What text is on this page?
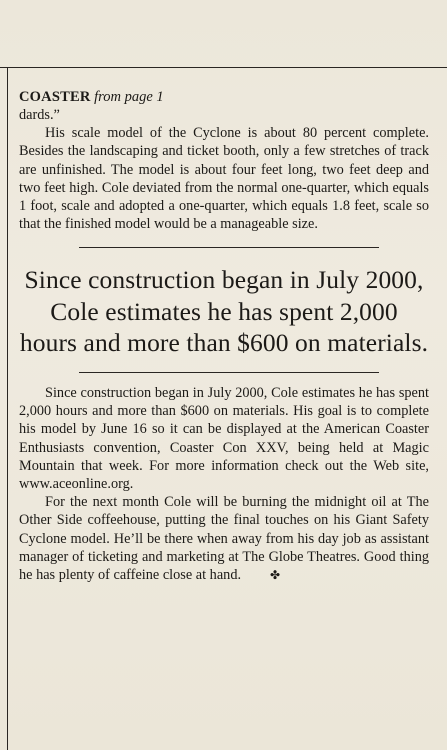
COASTER from page 1

dards.”

His scale model of the Cyclone is about 80 percent complete. Besides the landscaping and ticket booth, only a few stretches of track are unfinished. The model is about four feet long, two feet deep and two feet high. Cole deviated from the normal one-quarter, which equals 1 foot, scale and adopted a one-quarter, which equals 1.8 feet, scale so that the finished model would be a manageable size.

Since construction began in July 2000, Cole estimates he has spent 2,000 hours and more than $600 on materials.

Since construction began in July 2000, Cole estimates he has spent 2,000 hours and more than $600 on materials. His goal is to complete his model by June 16 so it can be displayed at the American Coaster Enthusiasts convention, Coaster Con XXV, being held at Magic Mountain that week. For more information check out the Web site, www.aceonline.org.

For the next month Cole will be burning the midnight oil at The Other Side coffeehouse, putting the final touches on his Giant Safety Cyclone model. He’ll be there when away from his day job as assistant manager of ticketing and marketing at The Globe Theatres. Good thing he has plenty of caffeine close at hand. ✤
